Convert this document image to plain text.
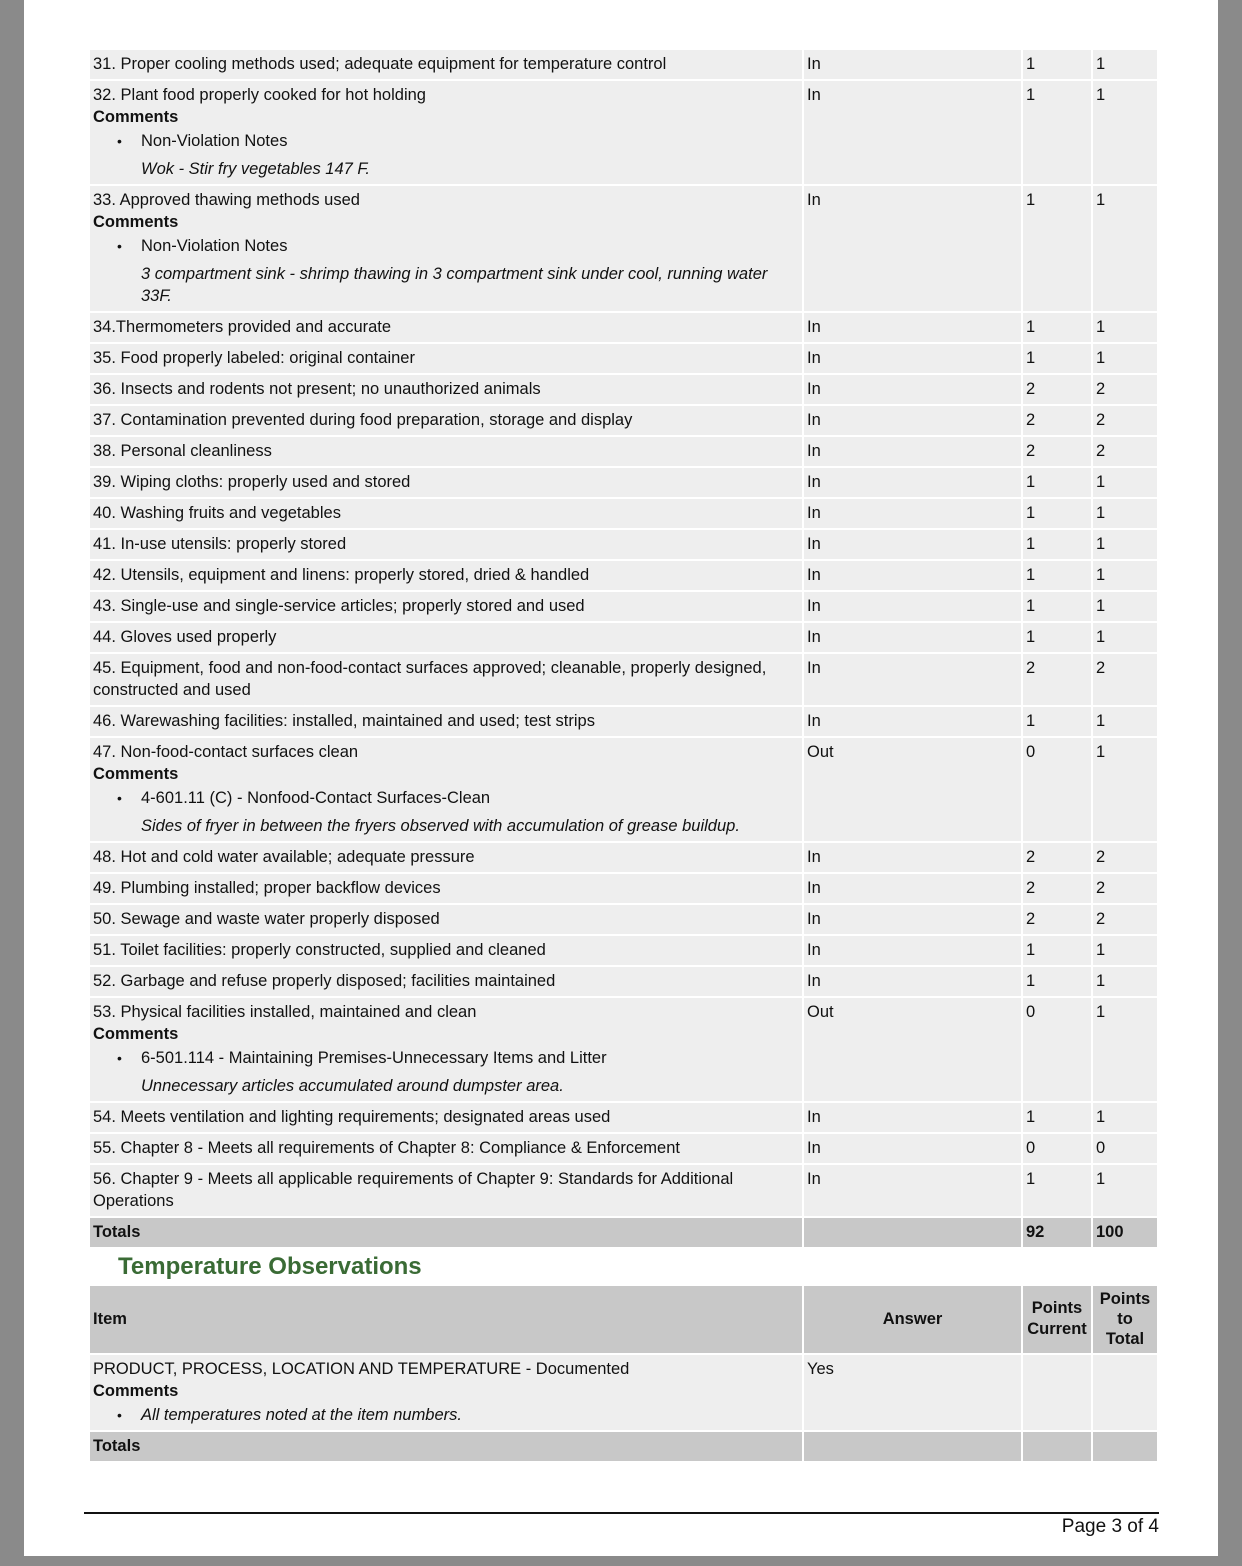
31. Proper cooling methods used; adequate equipment for temperature control	In	1	1

32. Plant food properly cooked for hot holding
Comments
• Non-Violation Notes
Wok - Stir fry vegetables 147 F.	In	1	1

33. Approved thawing methods used
Comments
• Non-Violation Notes
3 compartment sink - shrimp thawing in 3 compartment sink under cool, running water 33F.	In	1	1

34.Thermometers provided and accurate	In	1	1

35. Food properly labeled: original container	In	1	1

36. Insects and rodents not present; no unauthorized animals	In	2	2

37. Contamination prevented during food preparation, storage and display	In	2	2

38. Personal cleanliness	In	2	2

39. Wiping cloths: properly used and stored	In	1	1

40. Washing fruits and vegetables	In	1	1

41. In-use utensils: properly stored	In	1	1

42. Utensils, equipment and linens: properly stored, dried & handled	In	1	1

43. Single-use and single-service articles; properly stored and used	In	1	1

44. Gloves used properly	In	1	1

45. Equipment, food and non-food-contact surfaces approved; cleanable, properly designed, constructed and used	In	2	2

46. Warewashing facilities: installed, maintained and used; test strips	In	1	1

47. Non-food-contact surfaces clean
Comments
• 4-601.11 (C) - Nonfood-Contact Surfaces-Clean
Sides of fryer in between the fryers observed with accumulation of grease buildup.	Out	0	1

48. Hot and cold water available; adequate pressure	In	2	2

49. Plumbing installed; proper backflow devices	In	2	2

50. Sewage and waste water properly disposed	In	2	2

51. Toilet facilities: properly constructed, supplied and cleaned	In	1	1

52. Garbage and refuse properly disposed; facilities maintained	In	1	1

53. Physical facilities installed, maintained and clean
Comments
• 6-501.114 - Maintaining Premises-Unnecessary Items and Litter
Unnecessary articles accumulated around dumpster area.	Out	0	1

54. Meets ventilation and lighting requirements; designated areas used	In	1	1

55. Chapter 8 - Meets all requirements of Chapter 8: Compliance & Enforcement	In	0	0

56. Chapter 9 - Meets all applicable requirements of Chapter 9: Standards for Additional Operations	In	1	1
Totals		92	100
Temperature Observations
Item	Answer	Points Current	Points to Total

PRODUCT, PROCESS, LOCATION AND TEMPERATURE - Documented
Comments
• All temperatures noted at the item numbers.	Yes		
Totals			
Page 3 of 4
